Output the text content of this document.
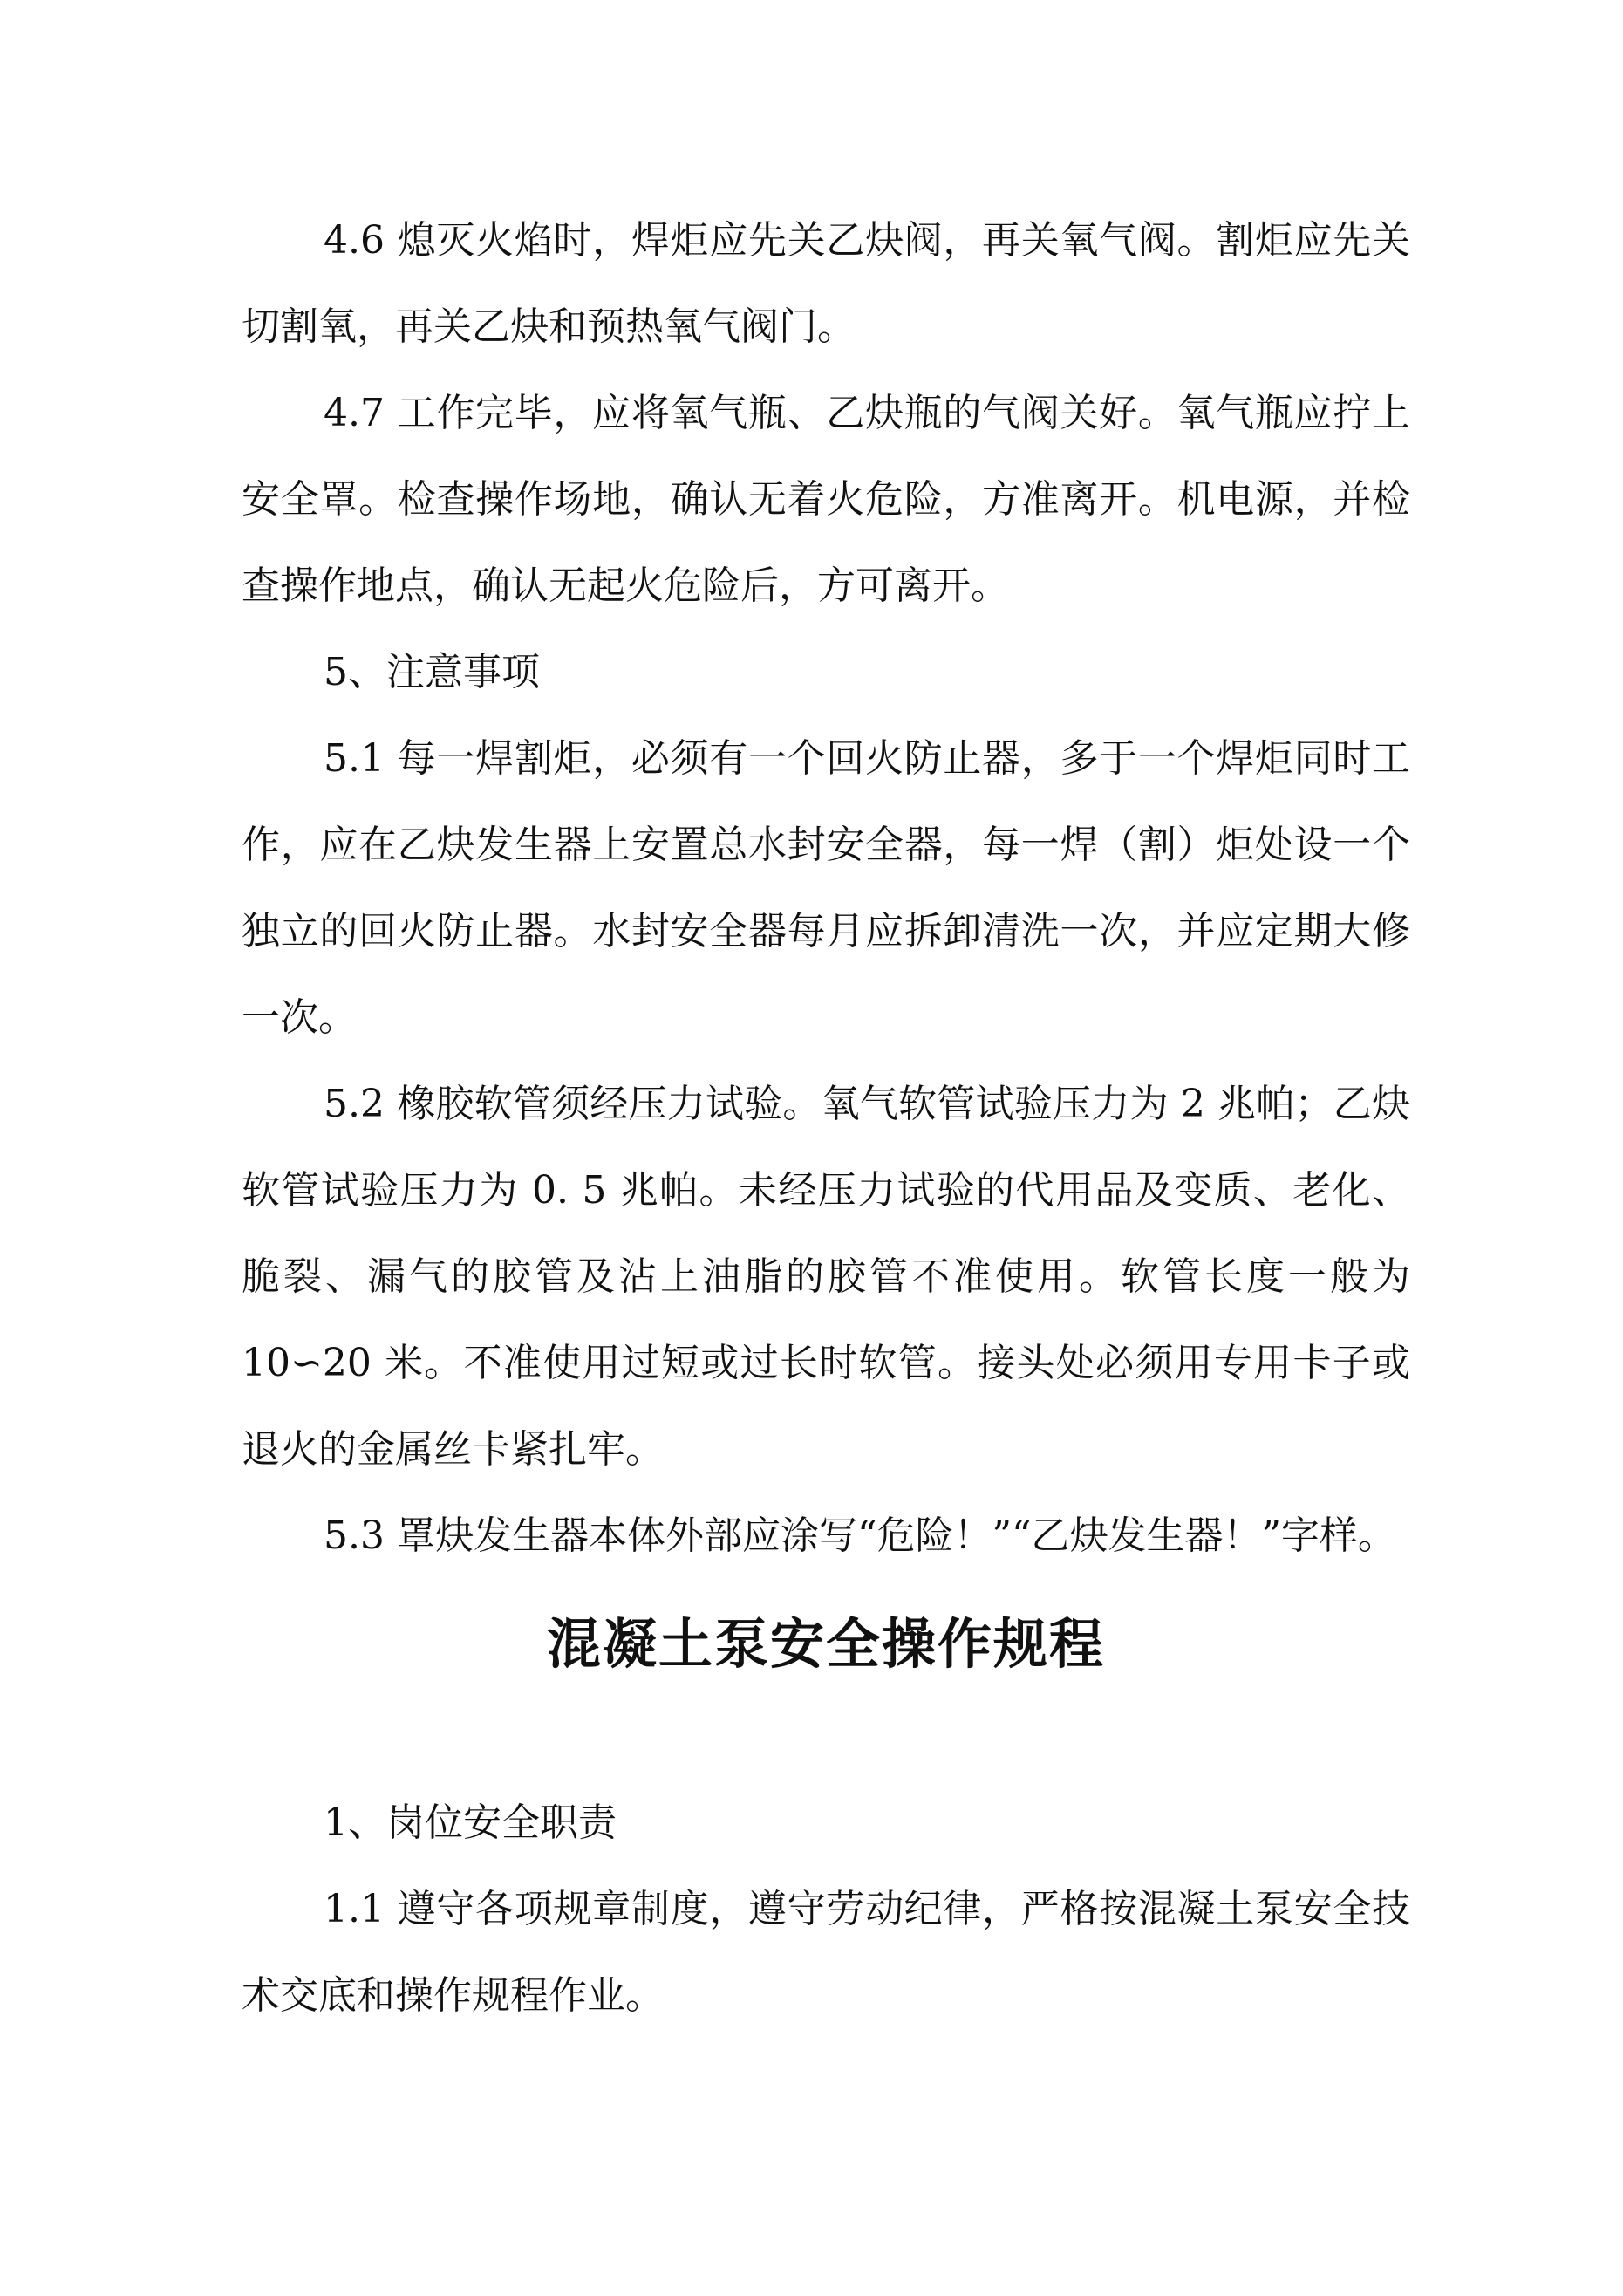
4.6 熄灭火焰时，焊炬应先关乙炔阀，再关氧气阀。割炬应先关切割氧，再关乙炔和预热氧气阀门。

4.7 工作完毕，应将氧气瓶、乙炔瓶的气阀关好。氧气瓶应拧上安全罩。检查操作场地，确认无着火危险，方准离开。机电源，并检查操作地点，确认无起火危险后，方可离开。

5、注意事项

5.1 每一焊割炬，必须有一个回火防止器，多于一个焊炬同时工作，应在乙炔发生器上安置总水封安全器，每一焊（割）炬处设一个独立的回火防止器。水封安全器每月应拆卸清洗一次，并应定期大修一次。

5.2 橡胶软管须经压力试验。氧气软管试验压力为 2 兆帕；乙炔软管试验压力为 0. 5 兆帕。未经压力试验的代用品及变质、老化、脆裂、漏气的胶管及沾上油脂的胶管不准使用。软管长度一般为 10∽20 米。不准使用过短或过长时软管。接头处必须用专用卡子或退火的金属丝卡紧扎牢。

5.3 罩炔发生器本体外部应涂写“危险！”“乙炔发生器！”字样。

混凝土泵安全操作规程

1、岗位安全职责

1.1 遵守各项规章制度，遵守劳动纪律，严格按混凝土泵安全技术交底和操作规程作业。
